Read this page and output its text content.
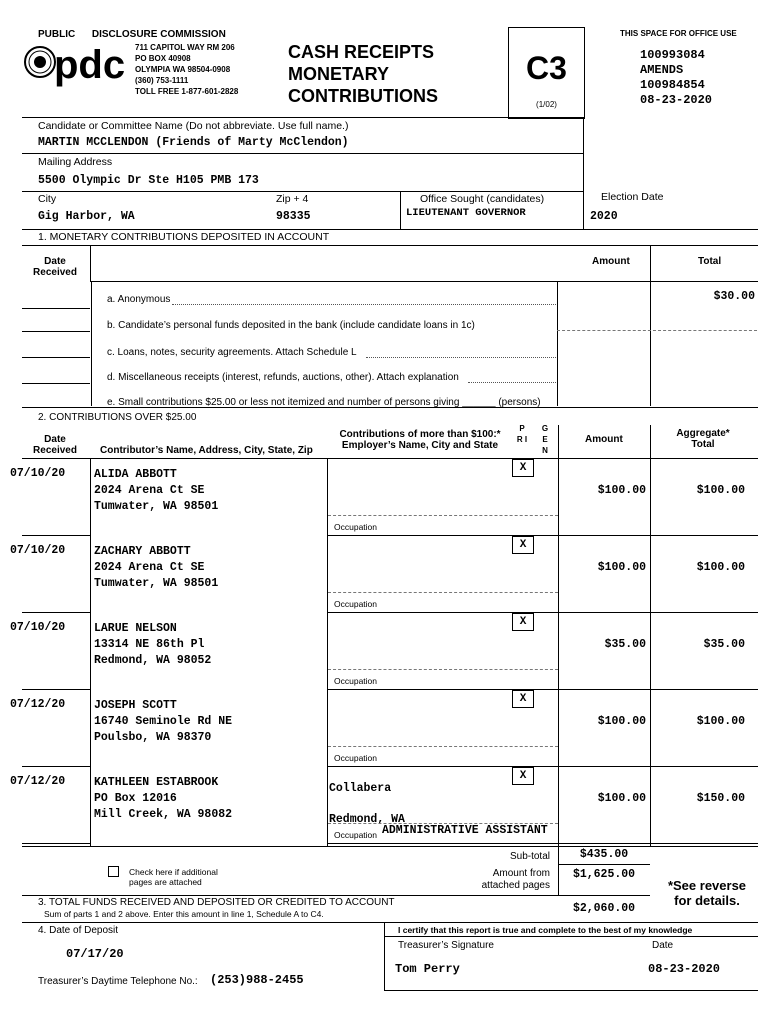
PUBLIC      DISCLOSURE COMMISSION
pdc 711 CAPITOL WAY RM 206
PO BOX 40908
OLYMPIA WA 98504-0908
(360) 753-1111
TOLL FREE 1-877-601-2828
CASH RECEIPTS
MONETARY
CONTRIBUTIONS
C3
(1/02)
THIS SPACE FOR OFFICE USE
100993084
AMENDS
100984854
08-23-2020
Candidate or Committee Name (Do not abbreviate. Use full name.)
MARTIN MCCLENDON (Friends of Marty McClendon)
Mailing Address
5500 Olympic Dr Ste H105 PMB 173
City
Gig Harbor, WA
Zip + 4
98335
Office Sought (candidates)
LIEUTENANT GOVERNOR
Election Date
2020
1. MONETARY CONTRIBUTIONS DEPOSITED IN ACCOUNT
Date Received
Amount	Total
a. Anonymous	$30.00
b. Candidate’s personal funds deposited in the bank (include candidate loans in 1c)
c. Loans, notes, security agreements. Attach Schedule L
d. Miscellaneous receipts (interest, refunds, auctions, other). Attach explanation
e. Small contributions $25.00 or less not itemized and number of persons giving ______ (persons)
2. CONTRIBUTIONS OVER $25.00
Date Received	Contributor’s Name, Address, City, State, Zip
Contributions of more than $100:* Employer’s Name, City and State
P R I
G E N
Amount
Aggregate* Total
07/10/20	ALIDA ABBOTT
2024 Arena Ct SE
Tumwater, WA 98501
Occupation
X
$100.00	$100.00
07/10/20	ZACHARY ABBOTT
2024 Arena Ct SE
Tumwater, WA 98501
Occupation
X
$100.00	$100.00
07/10/20	LARUE NELSON
13314 NE 86th Pl
Redmond, WA 98052
Occupation
X
$35.00	$35.00
07/12/20	JOSEPH SCOTT
16740 Seminole Rd NE
Poulsbo, WA 98370
Occupation
X
$100.00	$100.00
07/12/20	KATHLEEN ESTABROOK
PO Box 12016
Mill Creek, WA 98082
Collabera
Redmond, WA
Occupation ADMINISTRATIVE ASSISTANT
X
$100.00	$150.00
Check here if additional pages are attached
Sub-total	$435.00
Amount from attached pages
$1,625.00
3. TOTAL FUNDS RECEIVED AND DEPOSITED OR CREDITED TO ACCOUNT
Sum of parts 1 and 2 above. Enter this amount in line 1, Schedule A to C4.	$2,060.00
*See reverse for details.
4. Date of Deposit
07/17/20
Treasurer’s Daytime Telephone No.: (253)988-2455
I certify that this report is true and complete to the best of my knowledge
Treasurer’s Signature	Date
Tom Perry	08-23-2020
